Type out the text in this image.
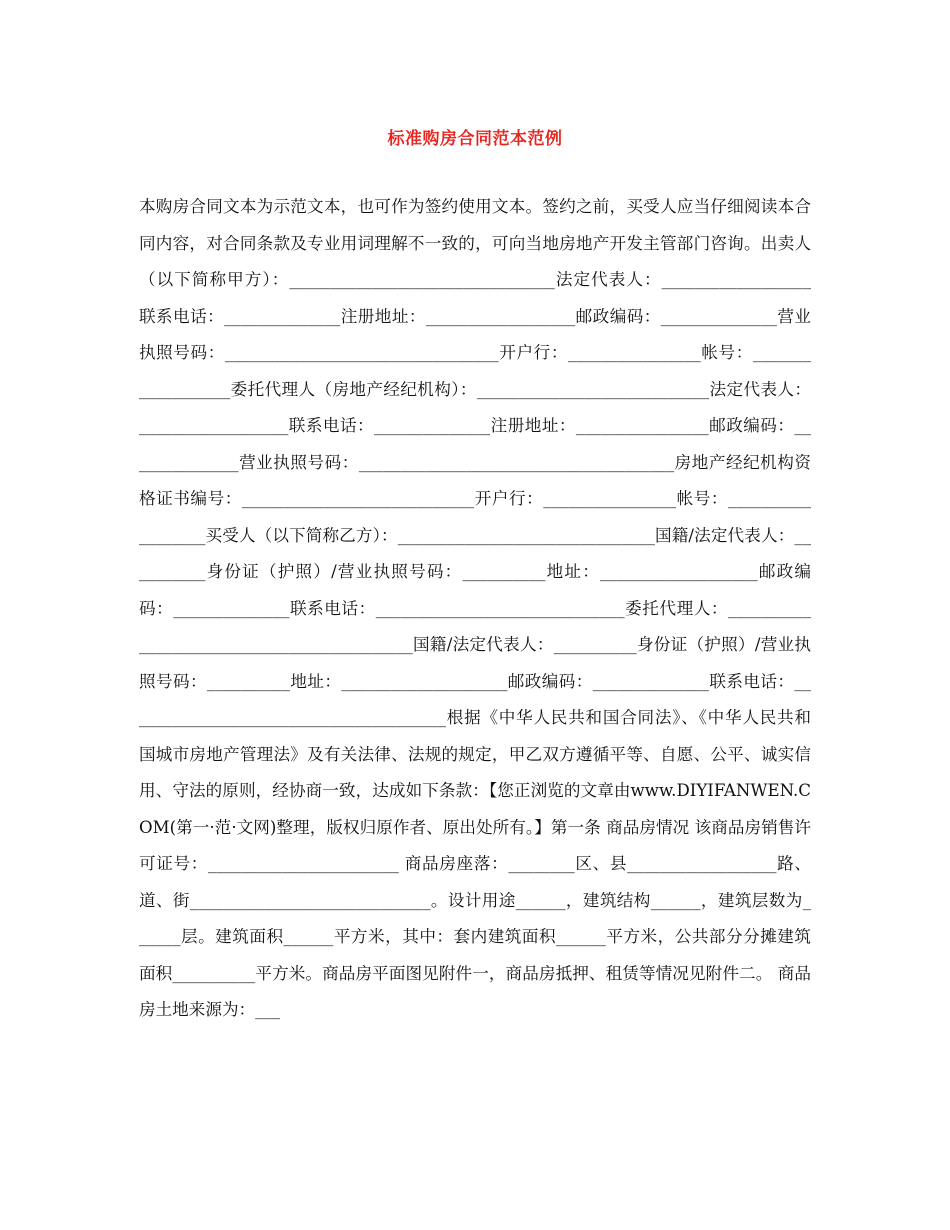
标准购房合同范本范例
本购房合同文本为示范文本，也可作为签约使用文本。签约之前，买受人应当仔细阅读本合同内容，对合同条款及专业用词理解不一致的，可向当地房地产开发主管部门咨询。出卖人（以下简称甲方）：________________________________法定代表人：__________________联系电话：______________注册地址：__________________邮政编码：______________营业执照号码：_________________________________开户行：________________帐号：__________________委托代理人（房地产经纪机构）：____________________________法定代表人：__________________联系电话：______________注册地址：________________邮政编码：______________营业执照号码：______________________________________房地产经纪机构资格证书编号：____________________________开户行：________________帐号：__________________买受人（以下简称乙方）：_______________________________国籍/法定代表人：__________身份证（护照）/营业执照号码：__________地址：___________________邮政编码：______________联系电话：______________________________委托代理人：___________________________________________国籍/法定代表人：__________身份证（护照）/营业执照号码：__________地址：____________________邮政编码：______________联系电话：_______________________________________根据《中华人民共和国合同法》、《中华人民共和国城市房地产管理法》及有关法律、法规的规定，甲乙双方遵循平等、自愿、公平、诚实信用、守法的原则，经协商一致，达成如下条款：【您正浏览的文章由www.DIYIFANWEN.COM(第一·范·文网)整理，版权归原作者、原出处所有。】第一条 商品房情况 该商品房销售许可证号：_______________________ 商品房座落：________区、县__________________路、道、街_____________________________。设计用途______，建筑结构______，建筑层数为______层。建筑面积______平方米，其中：套内建筑面积______平方米，公共部分分摊建筑面积__________平方米。商品房平面图见附件一，商品房抵押、租赁等情况见附件二。 商品房土地来源为：___
